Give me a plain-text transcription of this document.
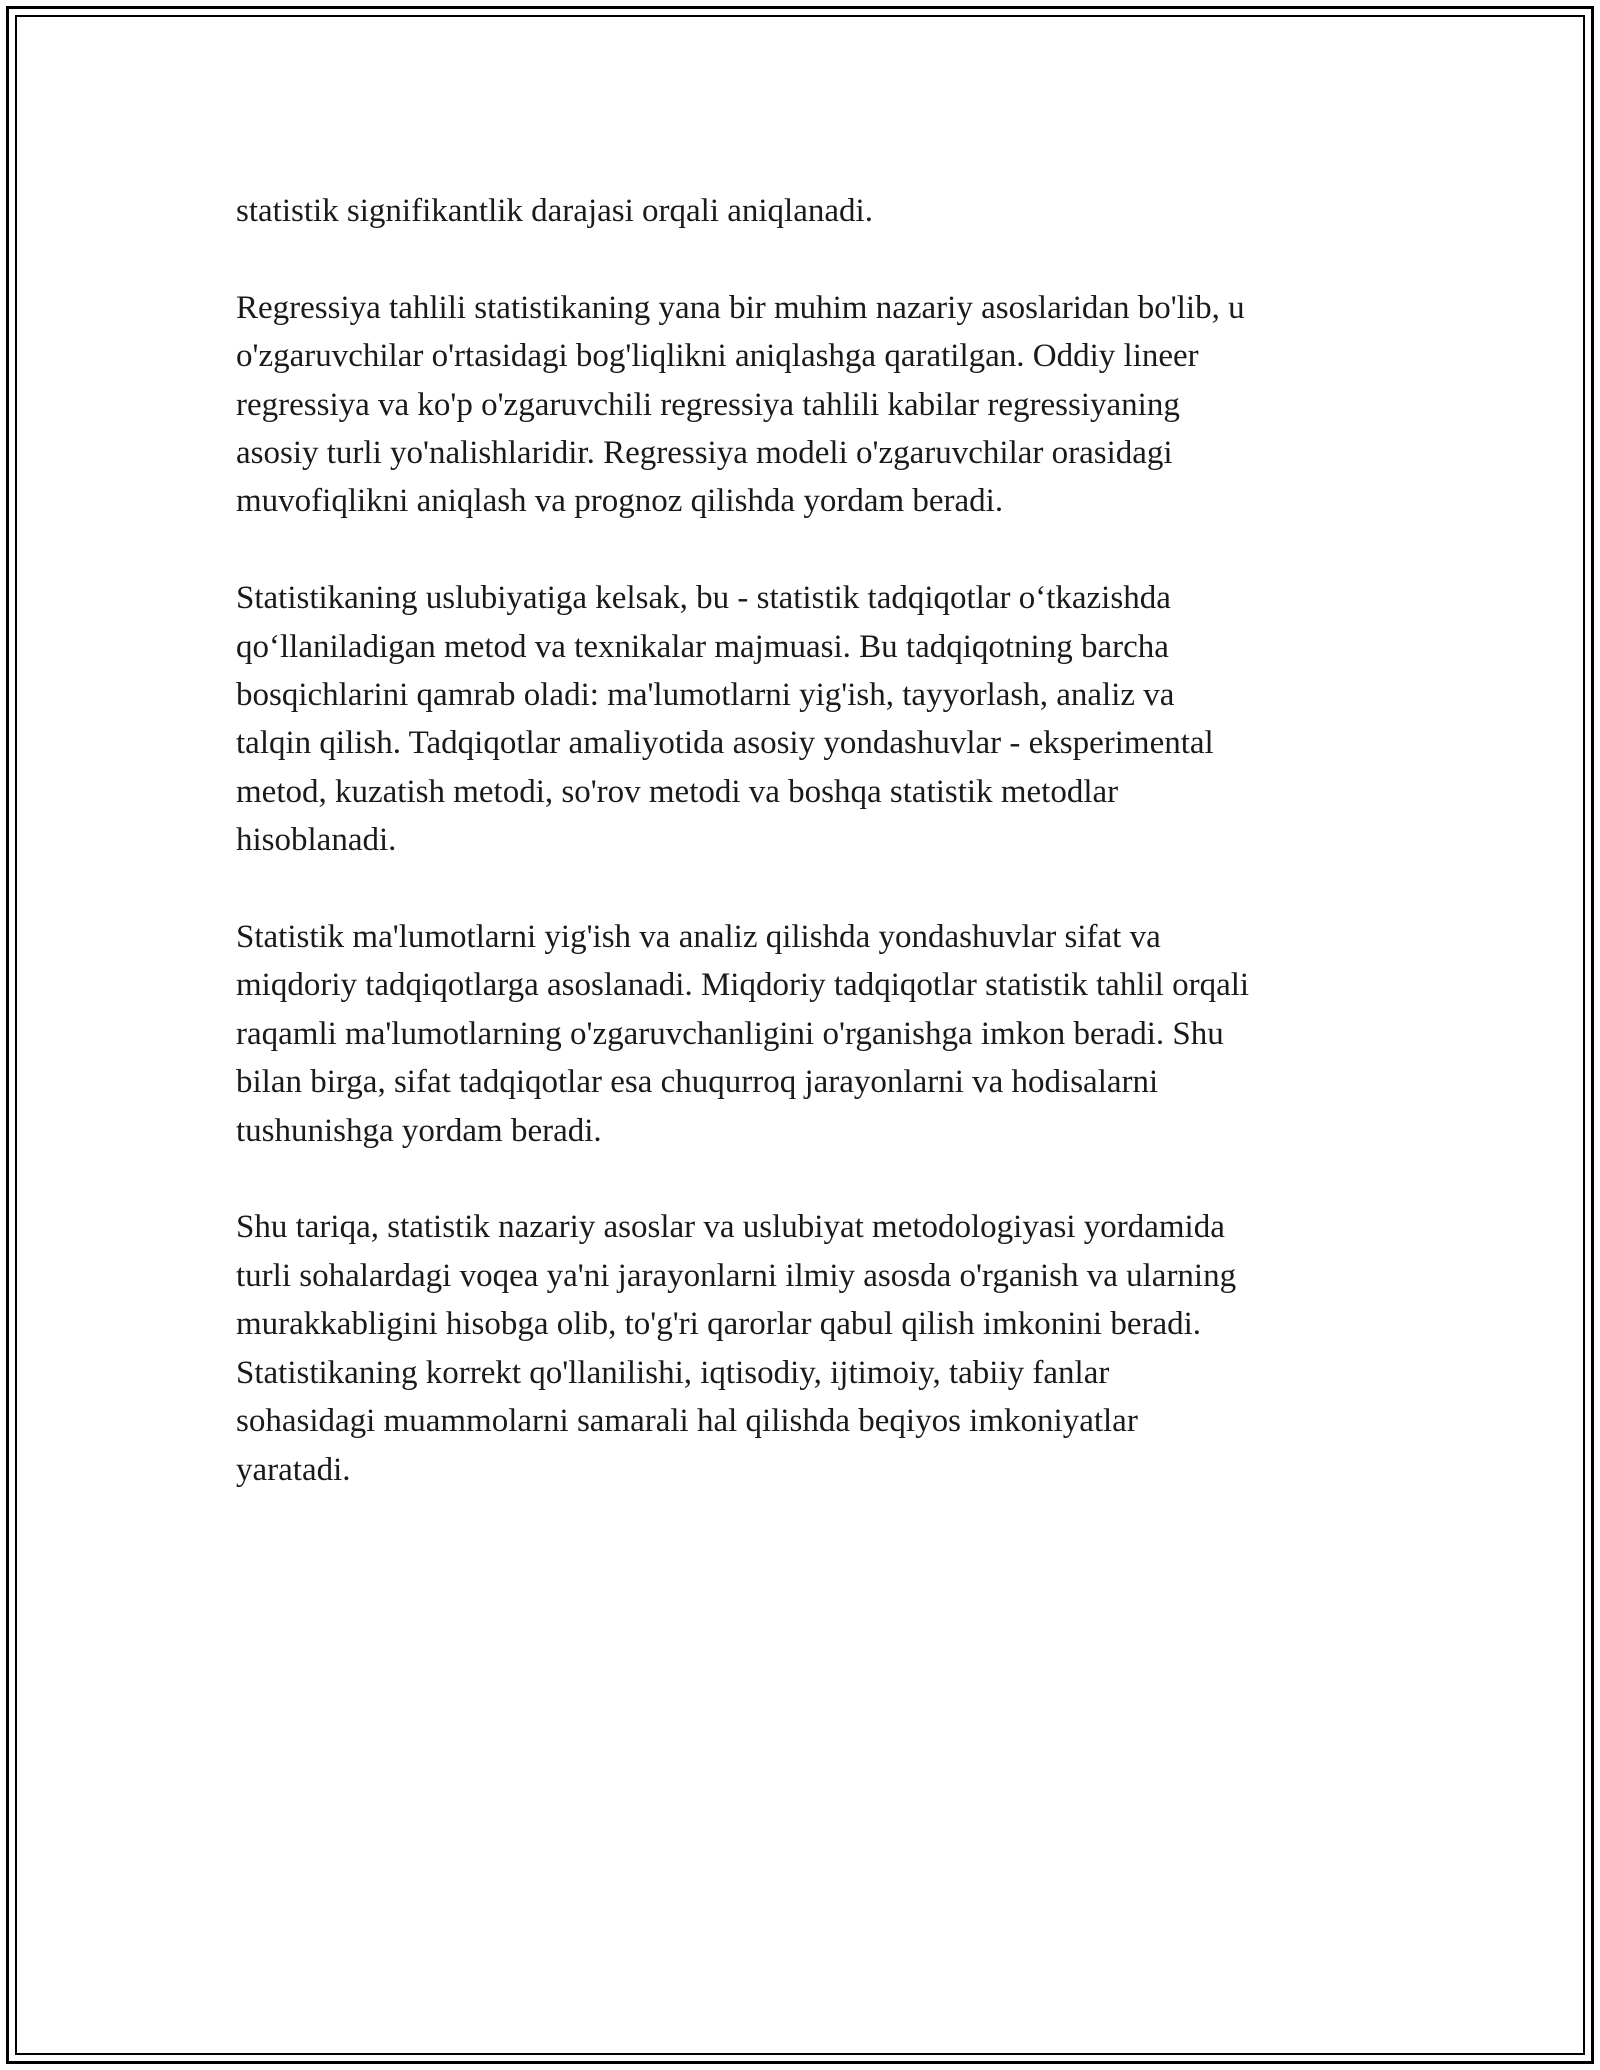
statistik signifikantlik darajasi orqali aniqlanadi.

Regressiya tahlili statistikaning yana bir muhim nazariy asoslaridan bo'lib, u
o'zgaruvchilar o'rtasidagi bog'liqlikni aniqlashga qaratilgan. Oddiy lineer
regressiya va ko'p o'zgaruvchili regressiya tahlili kabilar regressiyaning
asosiy turli yo'nalishlaridir. Regressiya modeli o'zgaruvchilar orasidagi
muvofiqlikni aniqlash va prognoz qilishda yordam beradi.

Statistikaning uslubiyatiga kelsak, bu - statistik tadqiqotlar o‘tkazishda
qo‘llaniladigan metod va texnikalar majmuasi. Bu tadqiqotning barcha
bosqichlarini qamrab oladi: ma'lumotlarni yig'ish, tayyorlash, analiz va
talqin qilish. Tadqiqotlar amaliyotida asosiy yondashuvlar - eksperimental
metod, kuzatish metodi, so'rov metodi va boshqa statistik metodlar
hisoblanadi.

Statistik ma'lumotlarni yig'ish va analiz qilishda yondashuvlar sifat va
miqdoriy tadqiqotlarga asoslanadi. Miqdoriy tadqiqotlar statistik tahlil orqali
raqamli ma'lumotlarning o'zgaruvchanligini o'rganishga imkon beradi. Shu
bilan birga, sifat tadqiqotlar esa chuqurroq jarayonlarni va hodisalarni
tushunishga yordam beradi.

Shu tariqa, statistik nazariy asoslar va uslubiyat metodologiyasi yordamida
turli sohalardagi voqea ya'ni jarayonlarni ilmiy asosda o'rganish va ularning
murakkabligini hisobga olib, to'g'ri qarorlar qabul qilish imkonini beradi.
Statistikaning korrekt qo'llanilishi, iqtisodiy, ijtimoiy, tabiiy fanlar
sohasidagi muammolarni samarali hal qilishda beqiyos imkoniyatlar
yaratadi.
